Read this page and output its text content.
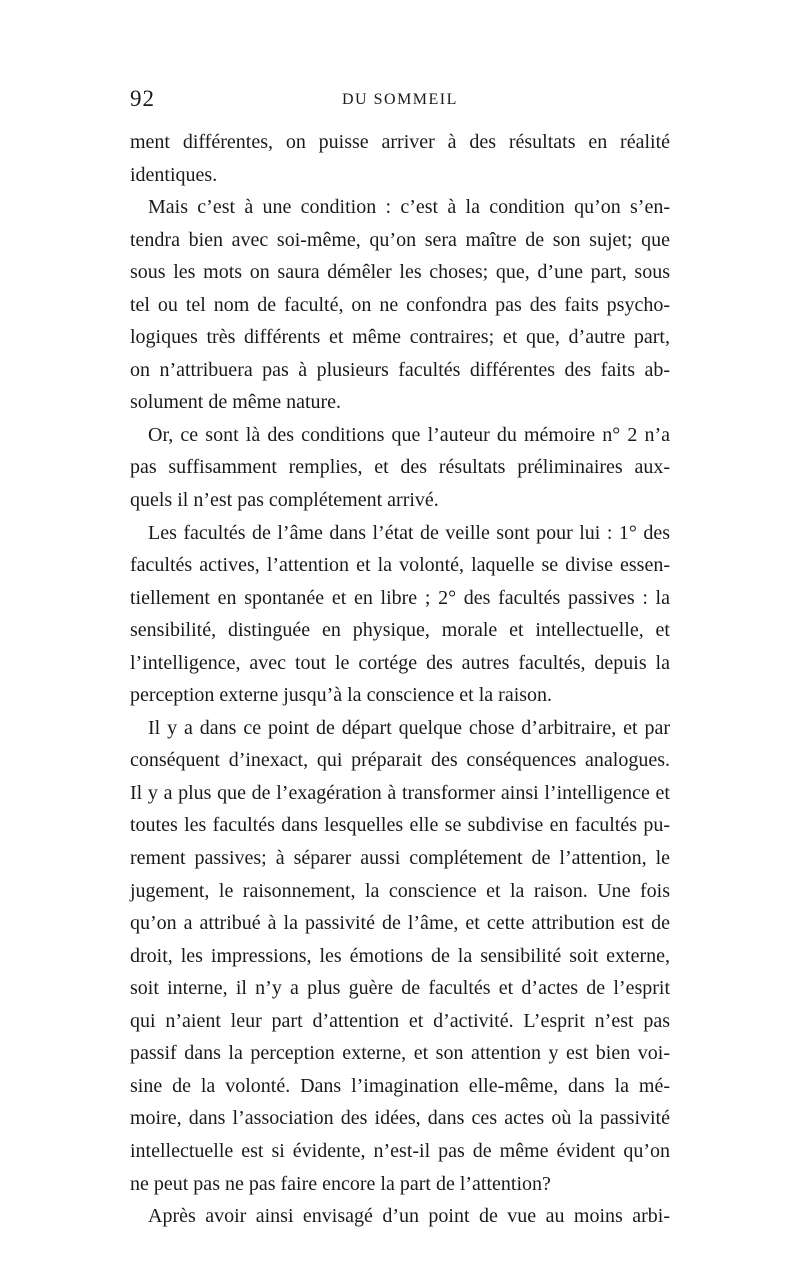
92	DU SOMMEIL
ment différentes, on puisse arriver à des résultats en réalité
identiques.
Mais c’est à une condition : c’est à la condition qu’on s’en-
tendra bien avec soi-même, qu’on sera maître de son sujet; que
sous les mots on saura démêler les choses; que, d’une part, sous
tel ou tel nom de faculté, on ne confondra pas des faits psycho-
logiques très différents et même contraires; et que, d’autre part,
on n’attribuera pas à plusieurs facultés différentes des faits ab-
solument de même nature.
Or, ce sont là des conditions que l’auteur du mémoire n° 2 n’a
pas suffisamment remplies, et des résultats préliminaires aux-
quels il n’est pas complétement arrivé.
Les facultés de l’âme dans l’état de veille sont pour lui : 1° des
facultés actives, l’attention et la volonté, laquelle se divise essen-
tiellement en spontanée et en libre ; 2° des facultés passives : la
sensibilité, distinguée en physique, morale et intellectuelle, et
l’intelligence, avec tout le cortége des autres facultés, depuis la
perception externe jusqu’à la conscience et la raison.
Il y a dans ce point de départ quelque chose d’arbitraire, et par
conséquent d’inexact, qui préparait des conséquences analogues.
Il y a plus que de l’exagération à transformer ainsi l’intelligence et
toutes les facultés dans lesquelles elle se subdivise en facultés pu-
rement passives; à séparer aussi complétement de l’attention, le
jugement, le raisonnement, la conscience et la raison. Une fois
qu’on a attribué à la passivité de l’âme, et cette attribution est de
droit, les impressions, les émotions de la sensibilité soit externe,
soit interne, il n’y a plus guère de facultés et d’actes de l’esprit
qui n’aient leur part d’attention et d’activité. L’esprit n’est pas
passif dans la perception externe, et son attention y est bien voi-
sine de la volonté. Dans l’imagination elle-même, dans la mé-
moire, dans l’association des idées, dans ces actes où la passivité
intellectuelle est si évidente, n’est-il pas de même évident qu’on
ne peut pas ne pas faire encore la part de l’attention?
Après avoir ainsi envisagé d’un point de vue au moins arbi-
